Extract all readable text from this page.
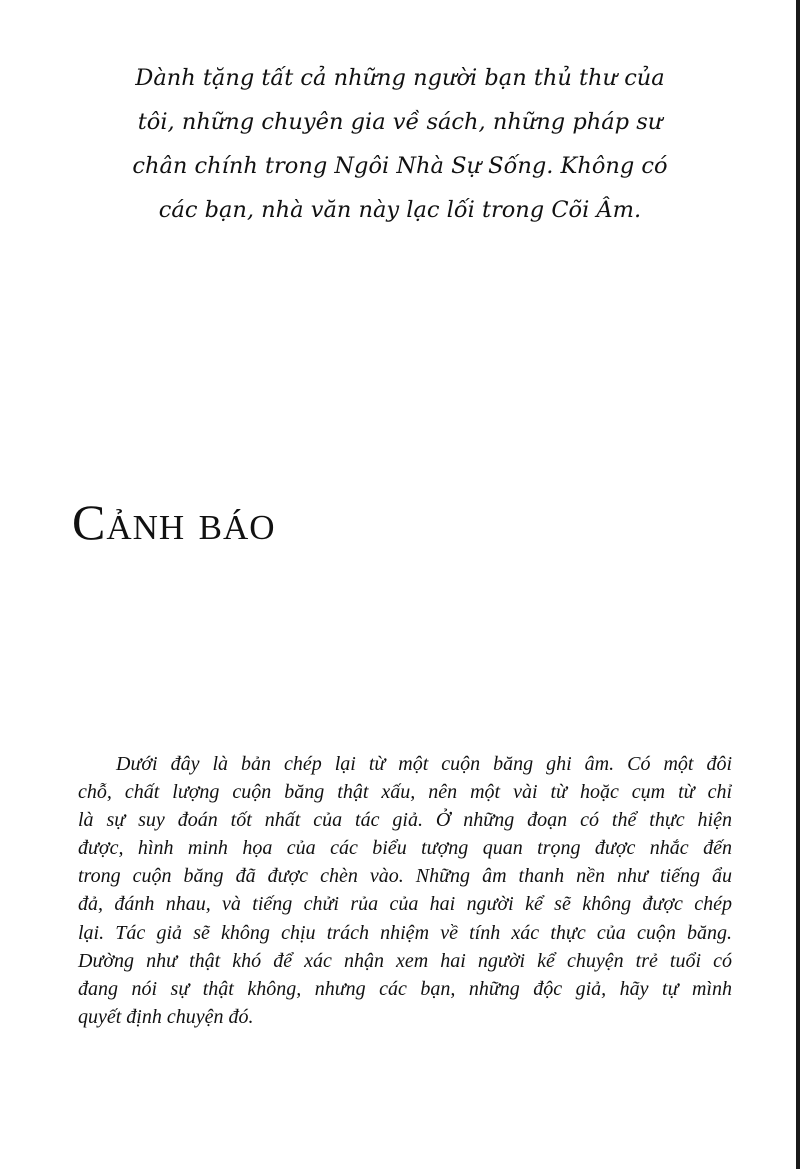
Dành tặng tất cả những người bạn thủ thư của
tôi, những chuyên gia về sách, những pháp sư
chân chính trong Ngôi Nhà Sự Sống. Không có
các bạn, nhà văn này lạc lối trong Cõi Âm.

Cảnh báo

Dưới đây là bản chép lại từ một cuộn băng ghi âm. Có một đôi
chỗ, chất lượng cuộn băng thật xấu, nên một vài từ hoặc cụm từ chỉ
là sự suy đoán tốt nhất của tác giả. Ở những đoạn có thể thực hiện
được, hình minh họa của các biểu tượng quan trọng được nhắc đến
trong cuộn băng đã được chèn vào. Những âm thanh nền như tiếng ẩu
đả, đánh nhau, và tiếng chửi rủa của hai người kể sẽ không được chép
lại. Tác giả sẽ không chịu trách nhiệm về tính xác thực của cuộn băng.
Dường như thật khó để xác nhận xem hai người kể chuyện trẻ tuổi có
đang nói sự thật không, nhưng các bạn, những độc giả, hãy tự mình
quyết định chuyện đó.
